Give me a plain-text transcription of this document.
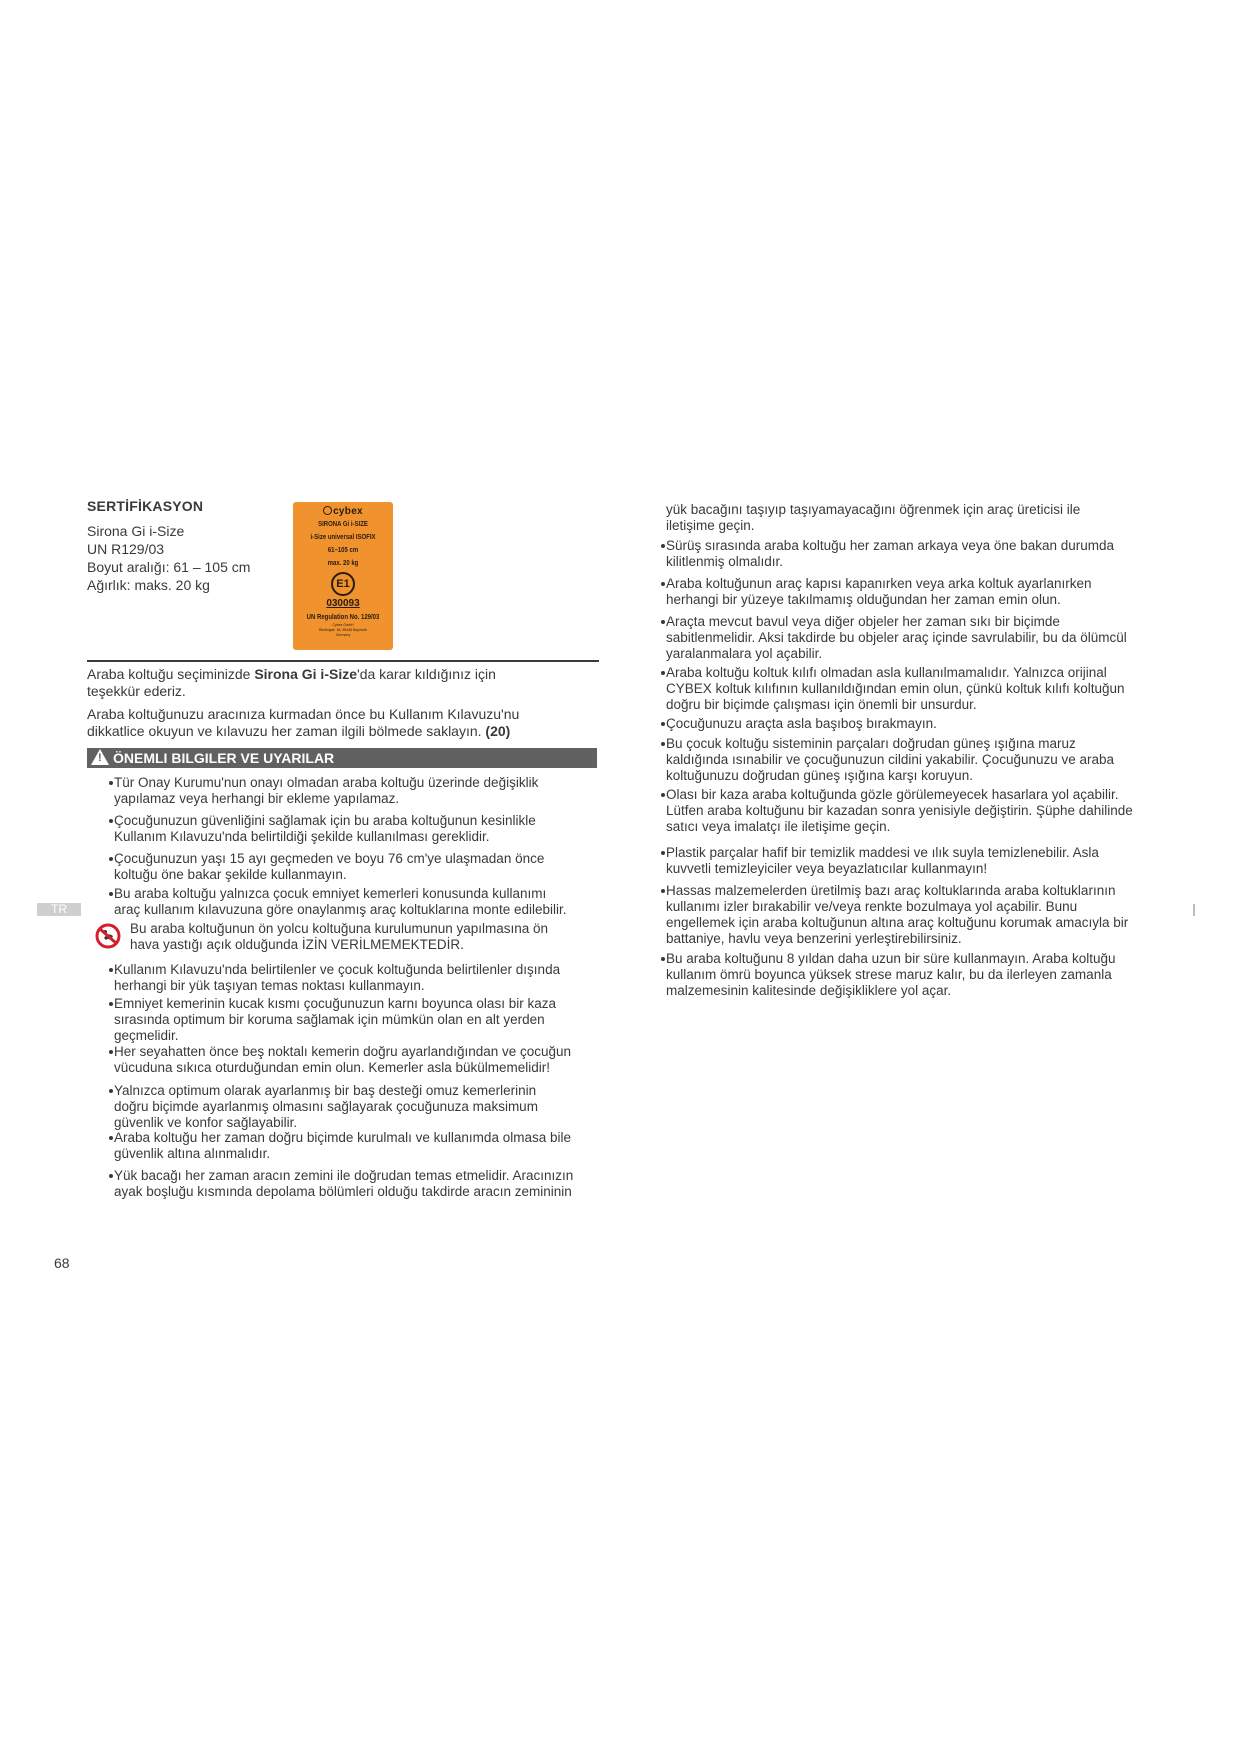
SERTİFİKASYON
Sirona Gi i-Size
UN R129/03
Boyut aralığı: 61 – 105 cm
Ağırlık: maks. 20 kg
cybex
SIRONA Gi i-SIZE
i-Size universal ISOFIX
61–105 cm
max. 20 kg
E1
030093
UN Regulation No. 129/03
Cybex GmbH
Riedingstr. 18, 95448 Bayreuth
Germany

Araba koltuğu seçiminizde Sirona Gi i-Size'da karar kıldığınız için

teşekkür ederiz.

Araba koltuğunuzu aracınıza kurmadan önce bu Kullanım Kılavuzu'nu

dikkatlice okuyun ve kılavuzu her zaman ilgili bölmede saklayın. (20)

! ÖNEMLI BILGILER VE UYARILAR

Tür Onay Kurumu'nun onayı olmadan araba koltuğu üzerinde değişiklik

yapılamaz veya herhangi bir ekleme yapılamaz.

Çocuğunuzun güvenliğini sağlamak için bu araba koltuğunun kesinlikle

Kullanım Kılavuzu'nda belirtildiği şekilde kullanılması gereklidir.

Çocuğunuzun yaşı 15 ayı geçmeden ve boyu 76 cm'ye ulaşmadan önce

koltuğu öne bakar şekilde kullanmayın.

Bu araba koltuğu yalnızca çocuk emniyet kemerleri konusunda kullanımı

araç kullanım kılavuzuna göre onaylanmış araç koltuklarına monte edilebilir.

Bu araba koltuğunun ön yolcu koltuğuna kurulumunun yapılmasına ön

hava yastığı açık olduğunda İZİN VERİLMEMEKTEDİR.

Kullanım Kılavuzu'nda belirtilenler ve çocuk koltuğunda belirtilenler dışında

herhangi bir yük taşıyan temas noktası kullanmayın.

Emniyet kemerinin kucak kısmı çocuğunuzun karnı boyunca olası bir kaza

sırasında optimum bir koruma sağlamak için mümkün olan en alt yerden

geçmelidir.

Her seyahatten önce beş noktalı kemerin doğru ayarlandığından ve çocuğun

vücuduna sıkıca oturduğundan emin olun. Kemerler asla bükülmemelidir!

Yalnızca optimum olarak ayarlanmış bir baş desteği omuz kemerlerinin

doğru biçimde ayarlanmış olmasını sağlayarak çocuğunuza maksimum

güvenlik ve konfor sağlayabilir.

Araba koltuğu her zaman doğru biçimde kurulmalı ve kullanımda olmasa bile

güvenlik altına alınmalıdır.

Yük bacağı her zaman aracın zemini ile doğrudan temas etmelidir. Aracınızın

ayak boşluğu kısmında depolama bölümleri olduğu takdirde aracın zemininin

yük bacağını taşıyıp taşıyamayacağını öğrenmek için araç üreticisi ile

iletişime geçin.

Sürüş sırasında araba koltuğu her zaman arkaya veya öne bakan durumda

kilitlenmiş olmalıdır.

Araba koltuğunun araç kapısı kapanırken veya arka koltuk ayarlanırken

herhangi bir yüzeye takılmamış olduğundan her zaman emin olun.

Araçta mevcut bavul veya diğer objeler her zaman sıkı bir biçimde

sabitlenmelidir. Aksi takdirde bu objeler araç içinde savrulabilir, bu da ölümcül

yaralanmalara yol açabilir.

Araba koltuğu koltuk kılıfı olmadan asla kullanılmamalıdır. Yalnızca orijinal

CYBEX koltuk kılıfının kullanıldığından emin olun, çünkü koltuk kılıfı koltuğun

doğru bir biçimde çalışması için önemli bir unsurdur.

Çocuğunuzu araçta asla başıboş bırakmayın.

Bu çocuk koltuğu sisteminin parçaları doğrudan güneş ışığına maruz

kaldığında ısınabilir ve çocuğunuzun cildini yakabilir. Çocuğunuzu ve araba

koltuğunuzu doğrudan güneş ışığına karşı koruyun.

Olası bir kaza araba koltuğunda gözle görülemeyecek hasarlara yol açabilir.

Lütfen araba koltuğunu bir kazadan sonra yenisiyle değiştirin. Şüphe dahilinde

satıcı veya imalatçı ile iletişime geçin.

Plastik parçalar hafif bir temizlik maddesi ve ılık suyla temizlenebilir. Asla

kuvvetli temizleyiciler veya beyazlatıcılar kullanmayın!

Hassas malzemelerden üretilmiş bazı araç koltuklarında araba koltuklarının

kullanımı izler bırakabilir ve/veya renkte bozulmaya yol açabilir. Bunu

engellemek için araba koltuğunun altına araç koltuğunu korumak amacıyla bir

battaniye, havlu veya benzerini yerleştirebilirsiniz.

Bu araba koltuğunu 8 yıldan daha uzun bir süre kullanmayın. Araba koltuğu

kullanım ömrü boyunca yüksek strese maruz kalır, bu da ilerleyen zamanla

malzemesinin kalitesinde değişikliklere yol açar.

TR
68
